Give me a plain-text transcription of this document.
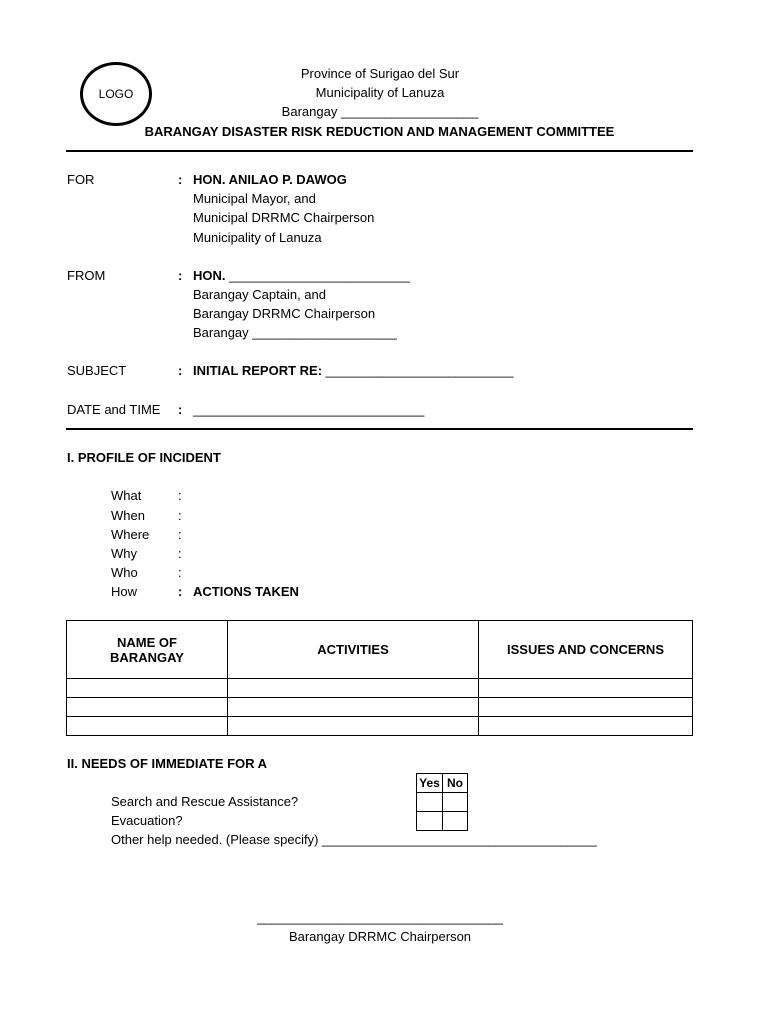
LOGO
Province of Surigao del Sur
Municipality of Lanuza
Barangay ___________________
BARANGAY DISASTER RISK REDUCTION AND MANAGEMENT COMMITTEE
FOR	: HON. ANILAO P. DAWOG
Municipal Mayor, and
Municipal DRRMC Chairperson
Municipality of Lanuza
FROM	: HON. _________________________
Barangay Captain, and
Barangay DRRMC Chairperson
Barangay ____________________
SUBJECT	: INITIAL REPORT RE: __________________________
DATE and TIME : ________________________________
I. PROFILE OF INCIDENT
What	:
When	:
Where :
Why	:
Who	:
How	: ACTIONS TAKEN
NAME OF BARANGAY	ACTIVITIES	ISSUES AND CONCERNS

II. NEEDS OF IMMEDIATE FOR A
Yes	No

Search and Rescue Assistance?
Evacuation?
Other help needed. (Please specify) ______________________________________
__________________________________
Barangay DRRMC Chairperson
